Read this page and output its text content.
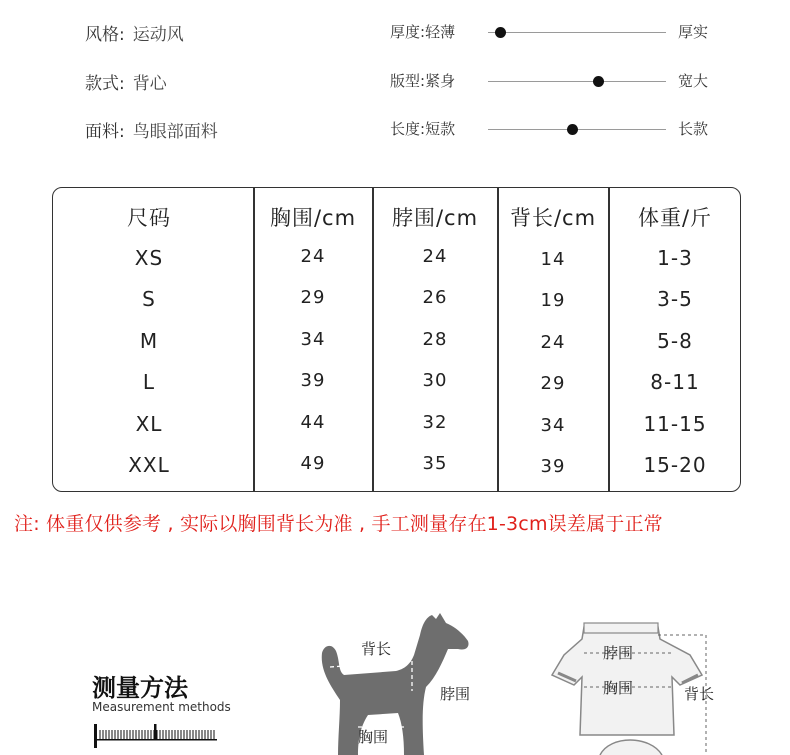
风格: 运动风
款式: 背心
面料: 鸟眼部面料
厚度:轻薄	厚实
版型:紧身	宽大
长度:短款	长款
尺码	胸围/cm	脖围/cm	背长/cm	体重/斤
XS	24	24	14	1-3
S	29	26	19	3-5
M	34	28	24	5-8
L	39	30	29	8-11
XL	44	32	34	11-15
XXL	49	35	39	15-20
注: 体重仅供参考 , 实际以胸围背长为准 , 手工测量存在1-3cm误差属于正常
测量方法
Measurement methods
背长
脖围
胸围
脖围
胸围	背长
